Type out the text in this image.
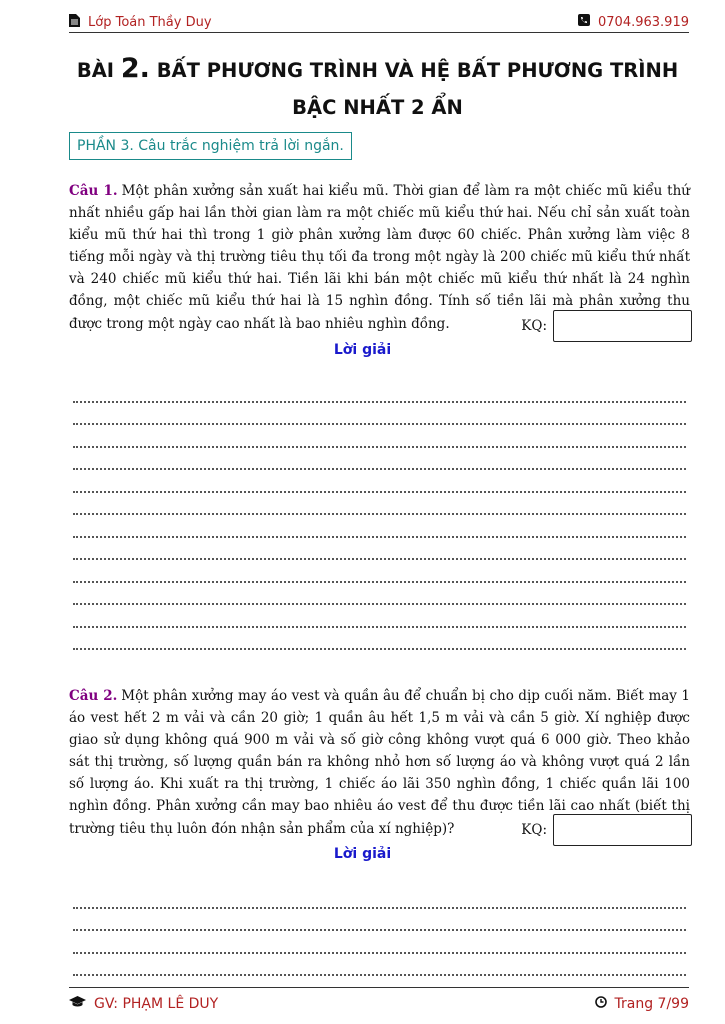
Lớp Toán Thầy Duy	0704.963.919
BÀI 2. BẤT PHƯƠNG TRÌNH VÀ HỆ BẤT PHƯƠNG TRÌNH BẬC NHẤT 2 ẨN
PHẦN 3. Câu trắc nghiệm trả lời ngắn.
Câu 1. Một phân xưởng sản xuất hai kiểu mũ. Thời gian để làm ra một chiếc mũ kiểu thứ nhất nhiều gấp hai lần thời gian làm ra một chiếc mũ kiểu thứ hai. Nếu chỉ sản xuất toàn kiểu mũ thứ hai thì trong 1 giờ phân xưởng làm được 60 chiếc. Phân xưởng làm việc 8 tiếng mỗi ngày và thị trường tiêu thụ tối đa trong một ngày là 200 chiếc mũ kiểu thứ nhất và 240 chiếc mũ kiểu thứ hai. Tiền lãi khi bán một chiếc mũ kiểu thứ nhất là 24 nghìn đồng, một chiếc mũ kiểu thứ hai là 15 nghìn đồng. Tính số tiền lãi mà phân xưởng thu được trong một ngày cao nhất là bao nhiêu nghìn đồng.	KQ:
Lời giải
Câu 2. Một phân xưởng may áo vest và quần âu để chuẩn bị cho dịp cuối năm. Biết may 1 áo vest hết 2 m vải và cần 20 giờ; 1 quần âu hết 1,5 m vải và cần 5 giờ. Xí nghiệp được giao sử dụng không quá 900 m vải và số giờ công không vượt quá 6 000 giờ. Theo khảo sát thị trường, số lượng quần bán ra không nhỏ hơn số lượng áo và không vượt quá 2 lần số lượng áo. Khi xuất ra thị trường, 1 chiếc áo lãi 350 nghìn đồng, 1 chiếc quần lãi 100 nghìn đồng. Phân xưởng cần may bao nhiêu áo vest để thu được tiền lãi cao nhất (biết thị trường tiêu thụ luôn đón nhận sản phẩm của xí nghiệp)?	KQ:
Lời giải
GV: PHẠM LÊ DUY	Trang 7/99
